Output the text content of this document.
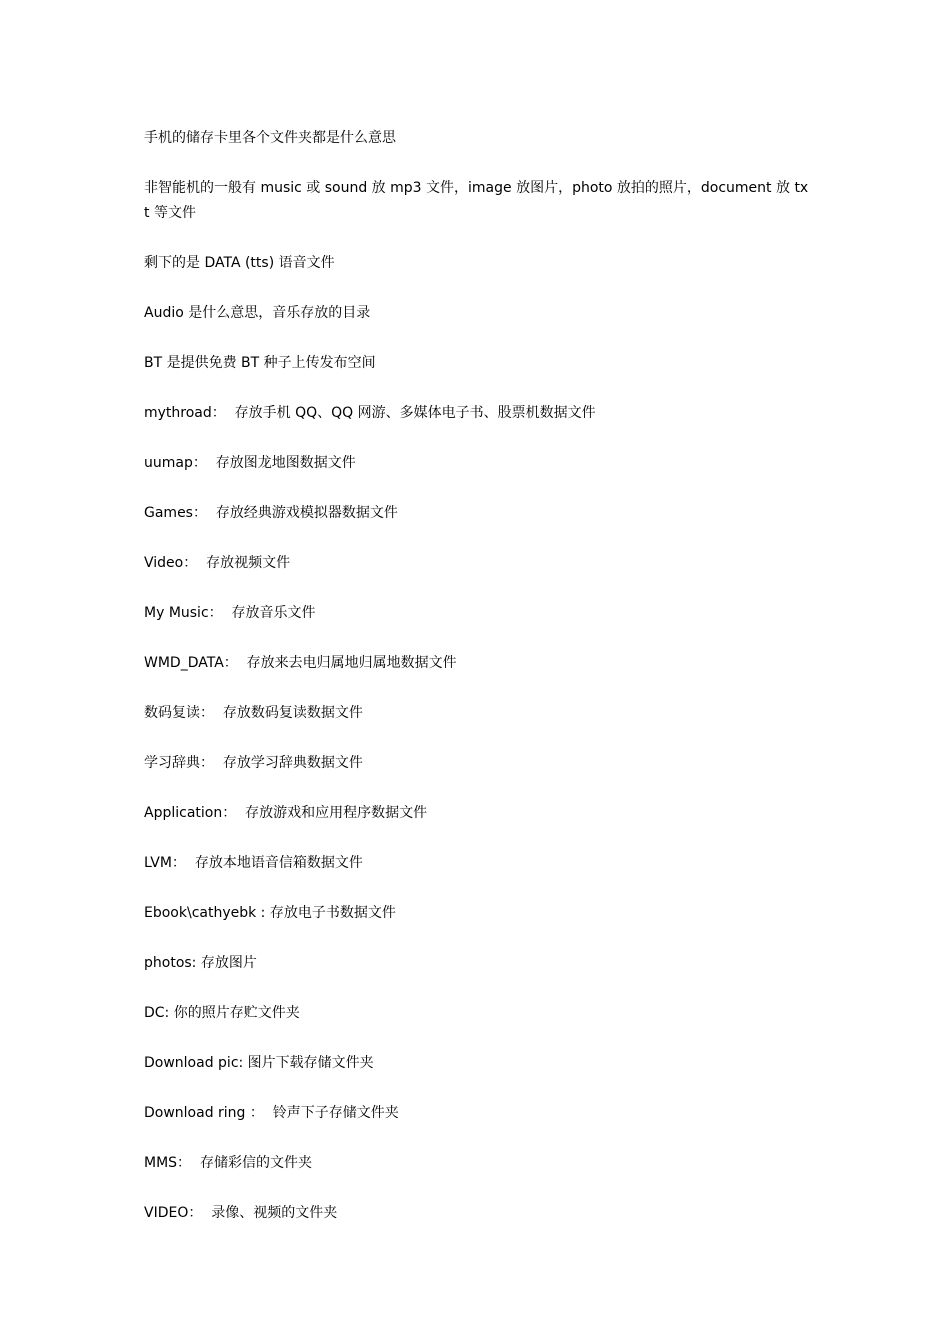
手机的储存卡里各个文件夹都是什么意思

非智能机的一般有 music 或 sound 放 mp3 文件，image 放图片，photo 放拍的照片，document 放 txt 等文件

剩下的是 DATA (tts) 语音文件

Audio 是什么意思，音乐存放的目录

BT 是提供免费 BT 种子上传发布空间

mythroad：  存放手机 QQ、QQ 网游、多媒体电子书、股票机数据文件

uumap：  存放图龙地图数据文件

Games：  存放经典游戏模拟器数据文件

Video：  存放视频文件

My Music：  存放音乐文件

WMD_DATA：  存放来去电归属地归属地数据文件

数码复读：  存放数码复读数据文件

学习辞典：  存放学习辞典数据文件

Application：  存放游戏和应用程序数据文件

LVM：  存放本地语音信箱数据文件

Ebook\cathyebk : 存放电子书数据文件

photos: 存放图片

DC: 你的照片存贮文件夹

Download pic: 图片下载存储文件夹

Download ring ：  铃声下子存储文件夹

MMS：  存储彩信的文件夹

VIDEO：  录像、视频的文件夹
